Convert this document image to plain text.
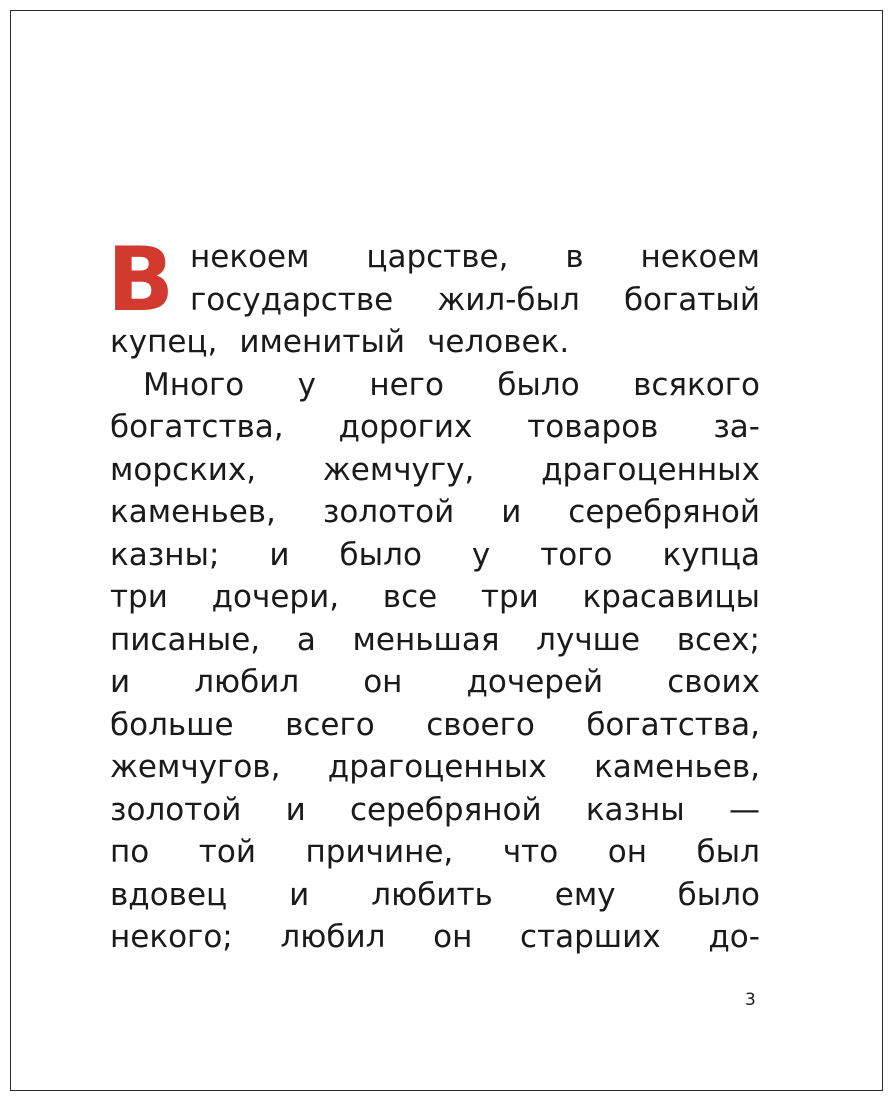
В некоем царстве, в некоем
государстве жил-был богатый
купец, именитый человек.
Много у него было всякого
богатства, дорогих товаров за-
морских, жемчугу, драгоценных
каменьев, золотой и серебряной
казны; и было у того купца
три дочери, все три красавицы
писаные, а меньшая лучше всех;
и любил он дочерей своих
больше всего своего богатства,
жемчугов, драгоценных каменьев,
золотой и серебряной казны —
по той причине, что он был
вдовец и любить ему было
некого; любил он старших до-
3
